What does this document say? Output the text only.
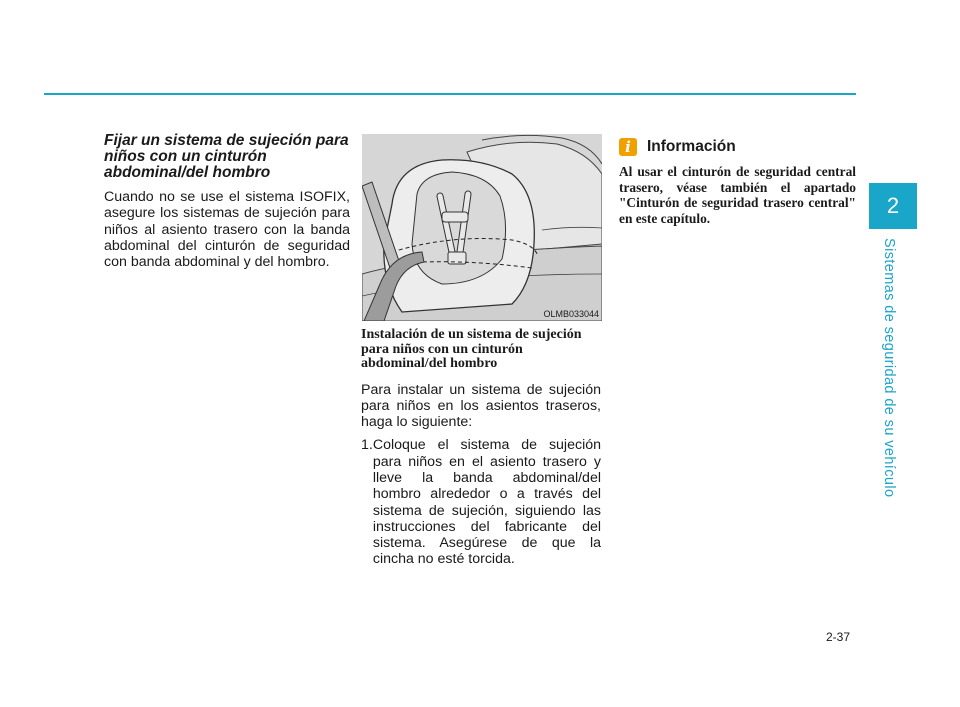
Fijar un sistema de sujeción para niños con un cinturón abdominal/del hombro

Cuando no se use el sistema ISOFIX, asegure los sistemas de sujeción para niños al asiento trasero con la banda abdominal del cinturón de seguridad con banda abdominal y del hombro.

OLMB033044

Instalación de un sistema de sujeción para niños con un cinturón abdominal/del hombro

Para instalar un sistema de sujeción para niños en los asientos traseros, haga lo siguiente:

1. Coloque el sistema de sujeción para niños en el asiento trasero y lleve la banda abdominal/del hombro alrededor o a través del sistema de sujeción, siguiendo las instrucciones del fabricante del sistema. Asegúrese de que la cincha no esté torcida.
i	Información

Al usar el cinturón de seguridad central trasero, véase también el apartado "Cinturón de seguridad trasero central" en este capítulo.	2
Sistemas de seguridad de su vehículo
2-37
